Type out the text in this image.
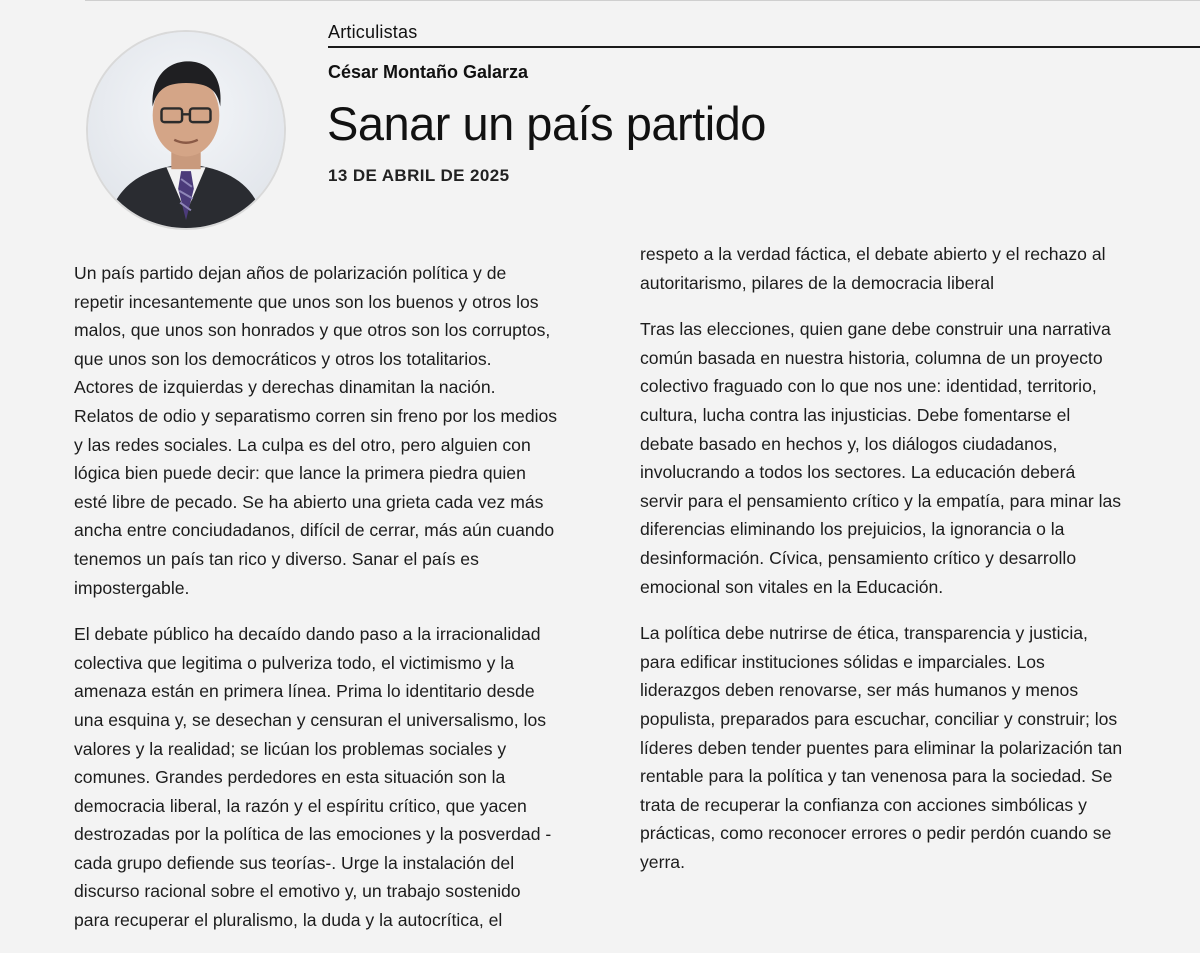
Articulistas
César Montaño Galarza
Sanar un país partido
13 DE ABRIL DE 2025

Un país partido dejan años de polarización política y de
repetir incesantemente que unos son los buenos y otros los
malos, que unos son honrados y que otros son los corruptos,
que unos son los democráticos y otros los totalitarios.
Actores de izquierdas y derechas dinamitan la nación.
Relatos de odio y separatismo corren sin freno por los medios
y las redes sociales. La culpa es del otro, pero alguien con
lógica bien puede decir: que lance la primera piedra quien
esté libre de pecado. Se ha abierto una grieta cada vez más
ancha entre conciudadanos, difícil de cerrar, más aún cuando
tenemos un país tan rico y diverso. Sanar el país es
impostergable.

El debate público ha decaído dando paso a la irracionalidad
colectiva que legitima o pulveriza todo, el victimismo y la
amenaza están en primera línea. Prima lo identitario desde
una esquina y, se desechan y censuran el universalismo, los
valores y la realidad; se licúan los problemas sociales y
comunes. Grandes perdedores en esta situación son la
democracia liberal, la razón y el espíritu crítico, que yacen
destrozadas por la política de las emociones y la posverdad -
cada grupo defiende sus teorías-. Urge la instalación del
discurso racional sobre el emotivo y, un trabajo sostenido
para recuperar el pluralismo, la duda y la autocrítica, el

respeto a la verdad fáctica, el debate abierto y el rechazo al
autoritarismo, pilares de la democracia liberal

Tras las elecciones, quien gane debe construir una narrativa
común basada en nuestra historia, columna de un proyecto
colectivo fraguado con lo que nos une: identidad, territorio,
cultura, lucha contra las injusticias. Debe fomentarse el
debate basado en hechos y, los diálogos ciudadanos,
involucrando a todos los sectores. La educación deberá
servir para el pensamiento crítico y la empatía, para minar las
diferencias eliminando los prejuicios, la ignorancia o la
desinformación. Cívica, pensamiento crítico y desarrollo
emocional son vitales en la Educación.

La política debe nutrirse de ética, transparencia y justicia,
para edificar instituciones sólidas e imparciales. Los
liderazgos deben renovarse, ser más humanos y menos
populista, preparados para escuchar, conciliar y construir; los
líderes deben tender puentes para eliminar la polarización tan
rentable para la política y tan venenosa para la sociedad. Se
trata de recuperar la confianza con acciones simbólicas y
prácticas, como reconocer errores o pedir perdón cuando se
yerra.
